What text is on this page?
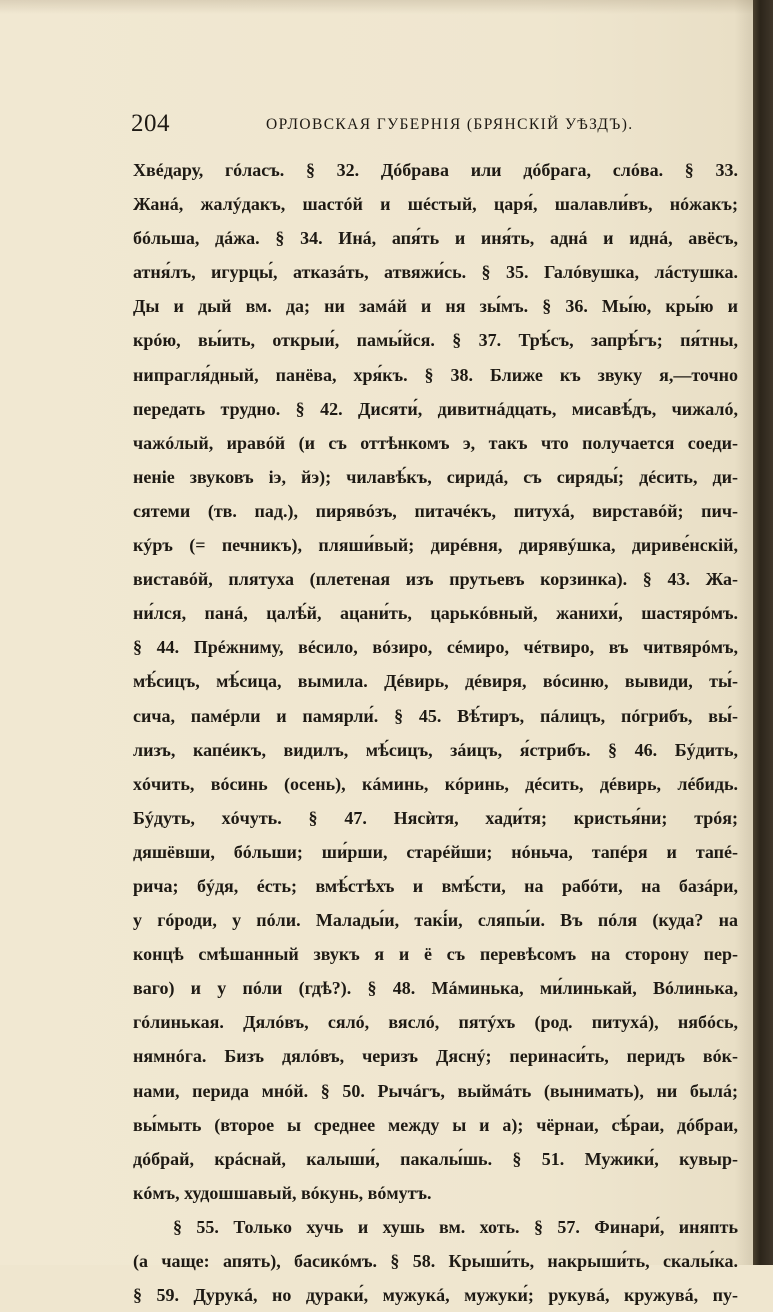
204	ОРЛОВСКАЯ ГУБЕРНІЯ (БРЯНСКІЙ УѢЗДЪ).
Хвéдару, гóласъ. § 32. Дóбрава или дóбрага, слóва. § 33.
Жанá, жалýдакъ, шастóй и шéстый, царя́, шалавли́въ, нóжакъ;
бóльша, дáжа. § 34. Инá, апя́ть и иня́ть, аднá и иднá, авёсъ,
атня́лъ, игурцы́, атказáть, атвяжи́сь. § 35. Галóвушка, лáстушка.
Ды и дый вм. да; ни замáй и ня зы́мъ. § 36. Мы́ю, кры́ю и
крóю, вы́ить, открыи́, памы́йся. § 37. Трѣ́съ, запрѣ́гъ; пя́тны,
нипрагля́дный, панёва, хря́къ. § 38. Ближе къ звуку я,—точно
передать трудно. § 42. Дисяти́, дивитнáдцать, мисавѣ́дъ, чижалó,
чажóлый, иравóй (и съ оттѣнкомъ э, такъ что получается соеди-
неніе звуковъ іэ, йэ); чилавѣ́къ, сиридá, съ сиряды́; дéсить, ди-
сятеми (тв. пад.), пирявóзъ, питачéкъ, питухá, вирставóй; пич-
кýръ (= печникъ), пляши́вый; дирéвня, дирявýшка, дириве́нскій,
виставóй, плятуха (плетеная изъ прутьевъ корзинка). § 43. Жа-
ни́лся, панá, цалѣ́й, ацани́ть, царькóвный, жанихи́, шастярóмъ.
§ 44. Прéжниму, вéсило, вóзиро, сéмиро, чéтвиро, въ читвярóмъ,
мѣ́сицъ, мѣ́сица, вымила. Дéвирь, дéвиря, вóсиню, вывиди, ты́-
сича, памéрли и памярли́. § 45. Вѣ́тиръ, пáлицъ, пóгрибъ, вы́-
лизъ, капéикъ, видилъ, мѣ́сицъ, зáицъ, я́стрибъ. § 46. Бýдить,
хóчить, вóсинь (осень), кáминь, кóринь, дéсить, дéвирь, лéбидь.
Бýдуть, хóчуть. § 47. Нясѝтя, хади́тя; кристья́ни; трóя;
дяшёвши, бóльши; ши́рши, старéйши; нóньча, тапéря и тапé-
рича; бýдя, éсть; вмѣ́стѣхъ и вмѣ́сти, на рабóти, на базáри,
у гóроди, у пóли. Малады́и, такі́и, сляпы́и. Въ пóля (куда? на
концѣ смѣшанный звукъ я и ё съ перевѣсомъ на сторону пер-
ваго) и у пóли (гдѣ?). § 48. Мáминька, ми́линькай, Вóлинька,
гóлинькая. Дялóвъ, сялó, вяслó, пятýхъ (род. питухá), нябóсь,
нямнóга. Бизъ дялóвъ, черизъ Дяснý; перинаси́ть, перидъ вóк-
нами, перида мнóй. § 50. Рычáгъ, выймáть (вынимать), ни былá;
вы́мыть (второе ы среднее между ы и а); чёрнаи, сѣ́раи, дóбраи,
дóбрай, крáснай, калыши́, пакалы́шь. § 51. Мужики́, кувыр-
кóмъ, худошшавый, вóкунь, вóмутъ.
§ 55. Только хучь и хушь вм. хоть. § 57. Финари́, иняпть
(а чаще: апять), басикóмъ. § 58. Крыши́ть, накрыши́ть, скалы́ка.
§ 59. Дурукá, но дураки́, мужукá, мужуки́; рукувá, кружувá, пу-
